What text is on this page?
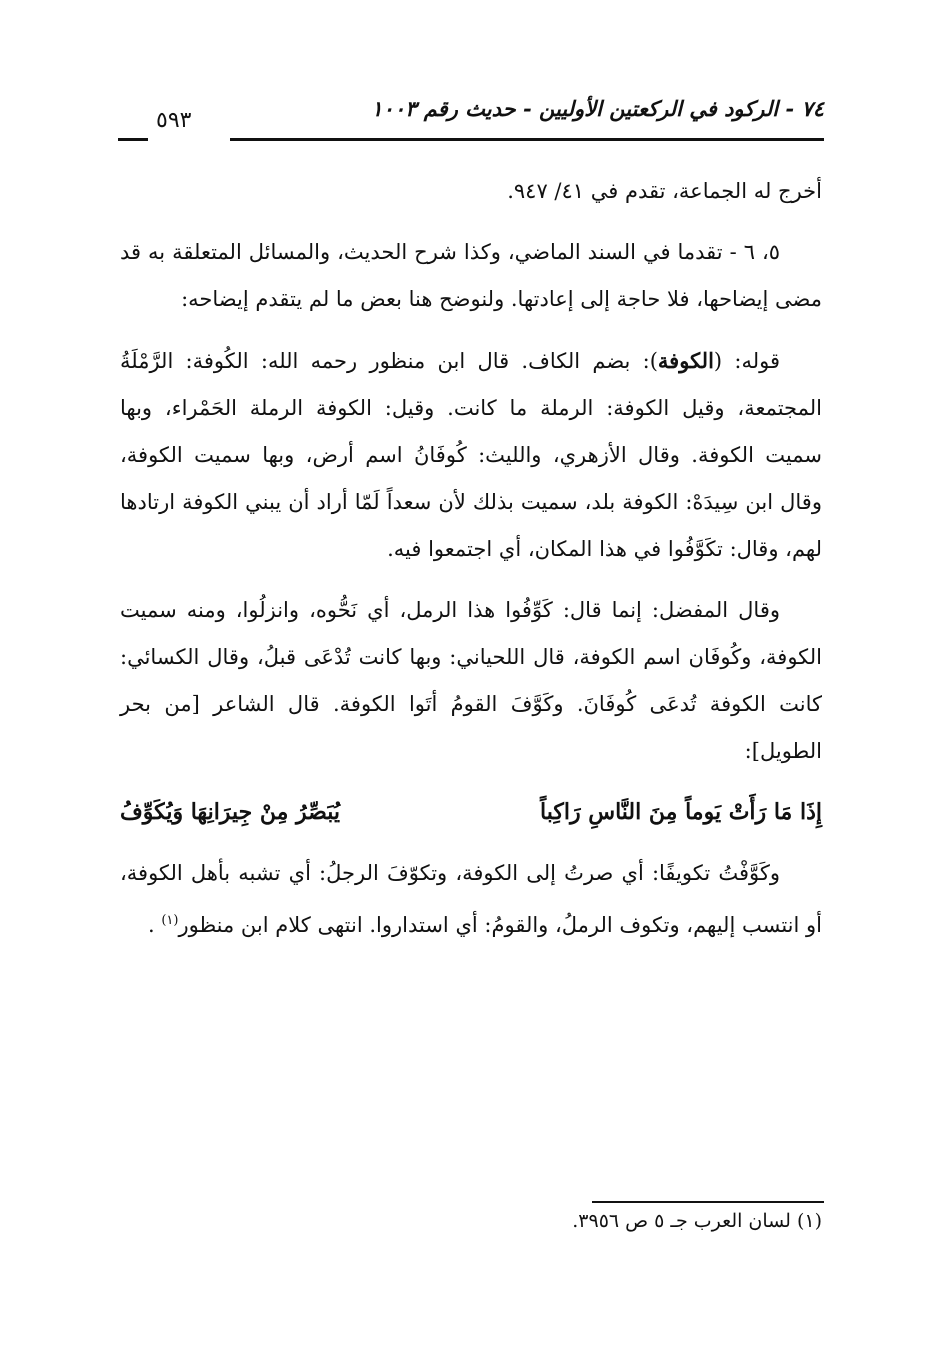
٧٤ - الركود في الركعتين الأوليين - حديث رقم ١٠٠٣
٥٩٣

أخرج له الجماعة، تقدم في ٤١/ ٩٤٧.

٥، ٦ - تقدما في السند الماضي، وكذا شرح الحديث، والمسائل المتعلقة به قد مضى إيضاحها، فلا حاجة إلى إعادتها. ولنوضح هنا بعض ما لم يتقدم إيضاحه:

قوله: (الكوفة): بضم الكاف. قال ابن منظور رحمه الله: الكُوفة: الرَّمْلَةُ المجتمعة، وقيل الكوفة: الرملة ما كانت. وقيل: الكوفة الرملة الحَمْراء، وبها سميت الكوفة. وقال الأزهري، والليث: كُوفَانُ اسم أرض، وبها سميت الكوفة، وقال ابن سِيدَهْ: الكوفة بلد، سميت بذلك لأن سعداً لَمّا أراد أن يبني الكوفة ارتادها لهم، وقال: تكَوَّفُوا في هذا المكان، أي اجتمعوا فيه.

وقال المفضل: إنما قال: كَوِّفُوا هذا الرمل، أي نَحُّوه، وانزلُوا، ومنه سميت الكوفة، وكُوفَان اسم الكوفة، قال اللحياني: وبها كانت تُدْعَى قبلُ، وقال الكسائي: كانت الكوفة تُدعَى كُوفَانَ. وكَوَّفَ القومُ أتَوا الكوفة. قال الشاعر [من بحر الطويل]:

إِذَا مَا رَأَتْ يَوماً مِنَ النَّاسِ رَاكِباً
يُبَصِّرُ مِنْ جِيرَانِهَا وَيُكَوِّفُ

وكَوَّفْتُ تكويفًا: أي صرتُ إلى الكوفة، وتكوّفَ الرجلُ: أي تشبه بأهل الكوفة، أو انتسب إليهم، وتكوف الرملُ، والقومُ: أي استداروا. انتهى كلام ابن منظور$^{(١)}$ .

(١) لسان العرب جـ ٥ ص ٣٩٥٦.
